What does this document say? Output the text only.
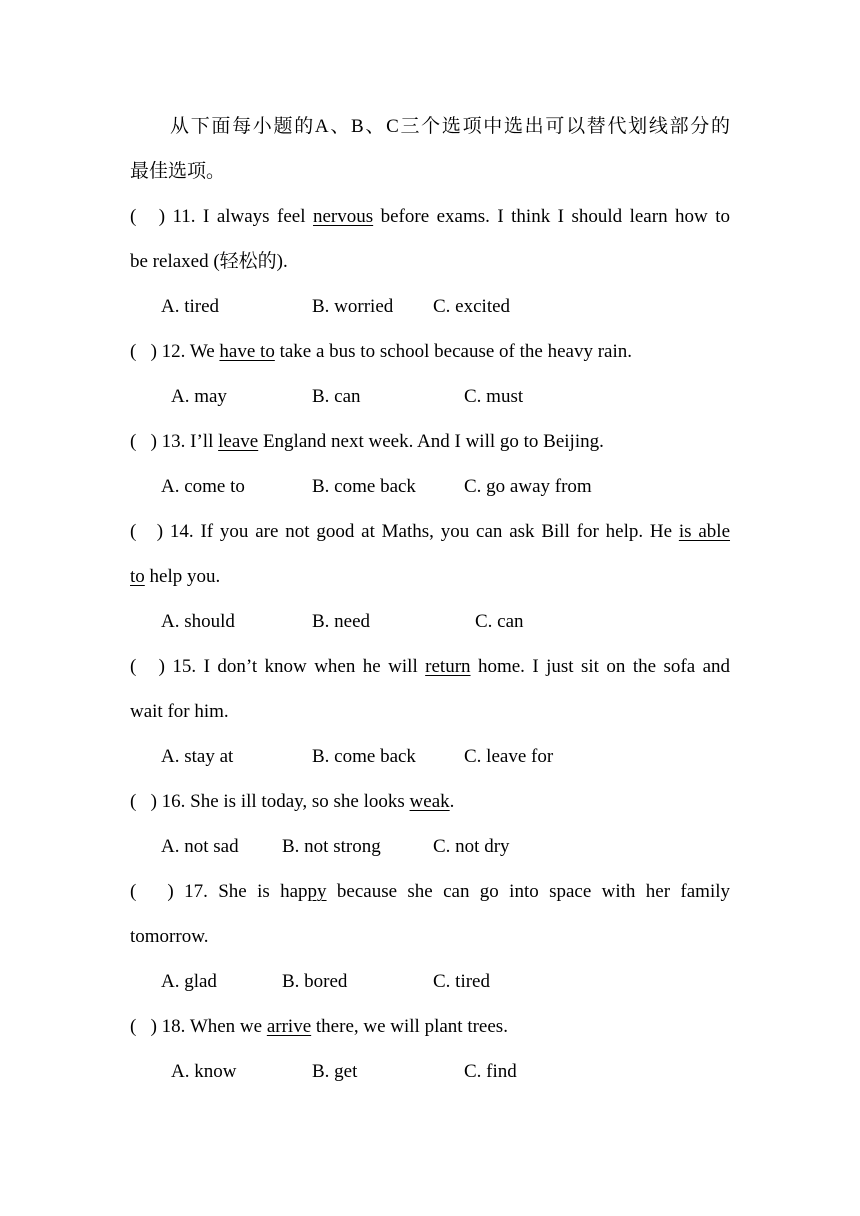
从下面每小题的A、B、C三个选项中选出可以替代划线部分的
最佳选项。
(   ) 11. I always feel nervous before exams. I think I should learn how to
be relaxed (轻松的).
A. tired	B. worried C. excited
(   ) 12. We have to take a bus to school because of the heavy rain.
A. may	B. can	C. must
(   ) 13. I’ll leave England next week. And I will go to Beijing.
A. come to	B. come back	C. go away from
(   ) 14. If you are not good at Maths, you can ask Bill for help. He is able
to help you.
A. should	B. need	C. can
(   ) 15. I don’t know when he will return home. I just sit on the sofa and
wait for him.
A. stay at	B. come back	C. leave for
(   ) 16. She is ill today, so she looks weak.
A. not sad B. not strong	C. not dry
(   ) 17. She is happy because she can go into space with her family
tomorrow.
A. glad	B. bored	C. tired
(   ) 18. When we arrive there, we will plant trees.
A. know	B. get	C. find
